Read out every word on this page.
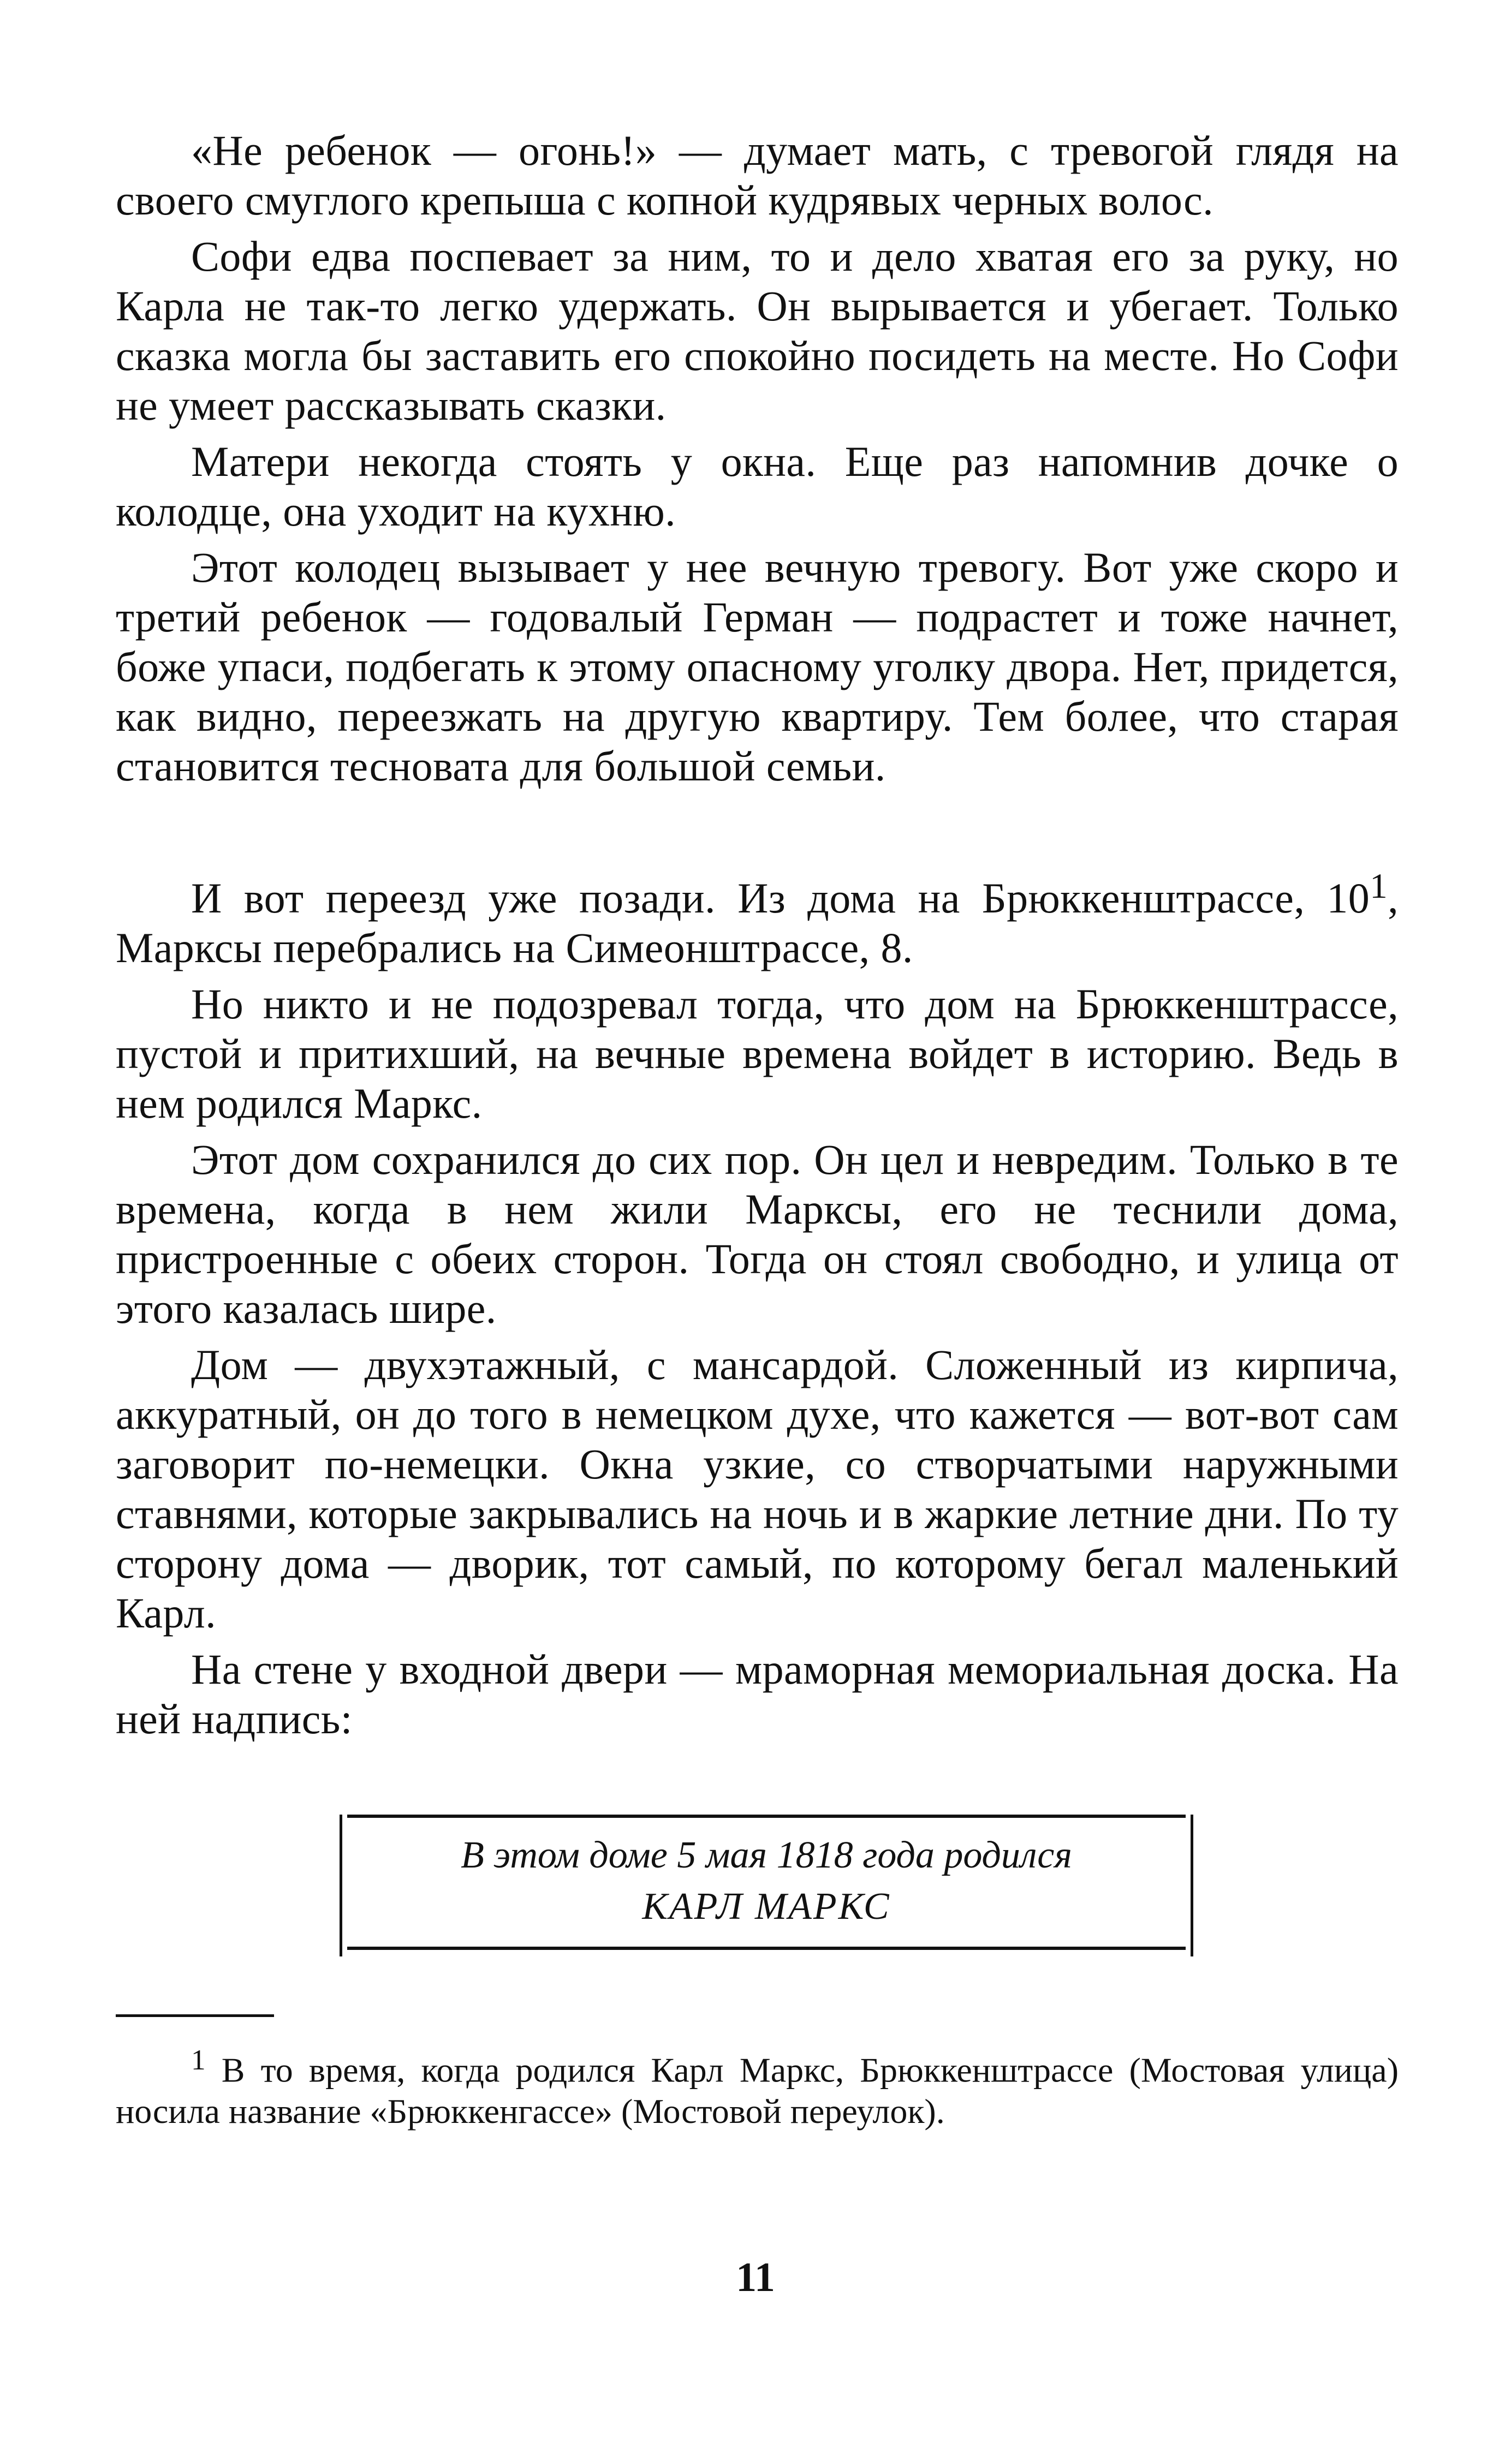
«Не ребенок — огонь!» — думает мать, с тревогой глядя на своего смуглого крепыша с копной кудрявых черных волос.

Софи едва поспевает за ним, то и дело хватая его за руку, но Карла не так-то легко удержать. Он вырывается и убегает. Только сказка могла бы заставить его спокойно посидеть на месте. Но Софи не умеет рассказывать сказки.

Матери некогда стоять у окна. Еще раз напомнив дочке о колодце, она уходит на кухню.

Этот колодец вызывает у нее вечную тревогу. Вот уже скоро и третий ребенок — годовалый Герман — подрастет и тоже начнет, боже упаси, подбегать к этому опасному уголку двора. Нет, придется, как видно, переезжать на другую квартиру. Тем более, что старая становится тесновата для большой семьи.

И вот переезд уже позади. Из дома на Брюккенштрассе, $10^1$, Марксы перебрались на Симеонштрассе, 8.

Но никто и не подозревал тогда, что дом на Брюккенштрассе, пустой и притихший, на вечные времена войдет в историю. Ведь в нем родился Маркс.

Этот дом сохранился до сих пор. Он цел и невредим. Только в те времена, когда в нем жили Марксы, его не теснили дома, пристроенные с обеих сторон. Тогда он стоял свободно, и улица от этого казалась шире.

Дом — двухэтажный, с мансардой. Сложенный из кирпича, аккуратный, он до того в немецком духе, что кажется — вот-вот сам заговорит по-немецки. Окна узкие, со створчатыми наружными ставнями, которые закрывались на ночь и в жаркие летние дни. По ту сторону дома — дворик, тот самый, по которому бегал маленький Карл.

На стене у входной двери — мраморная мемориальная доска. На ней надпись:

В этом доме 5 мая 1818 года родился
КАРЛ МАРКС

$^1$ В то время, когда родился Карл Маркс, Брюккенштрассе (Мостовая улица) носила название «Брюккенгассе» (Мостовой переулок).

11
